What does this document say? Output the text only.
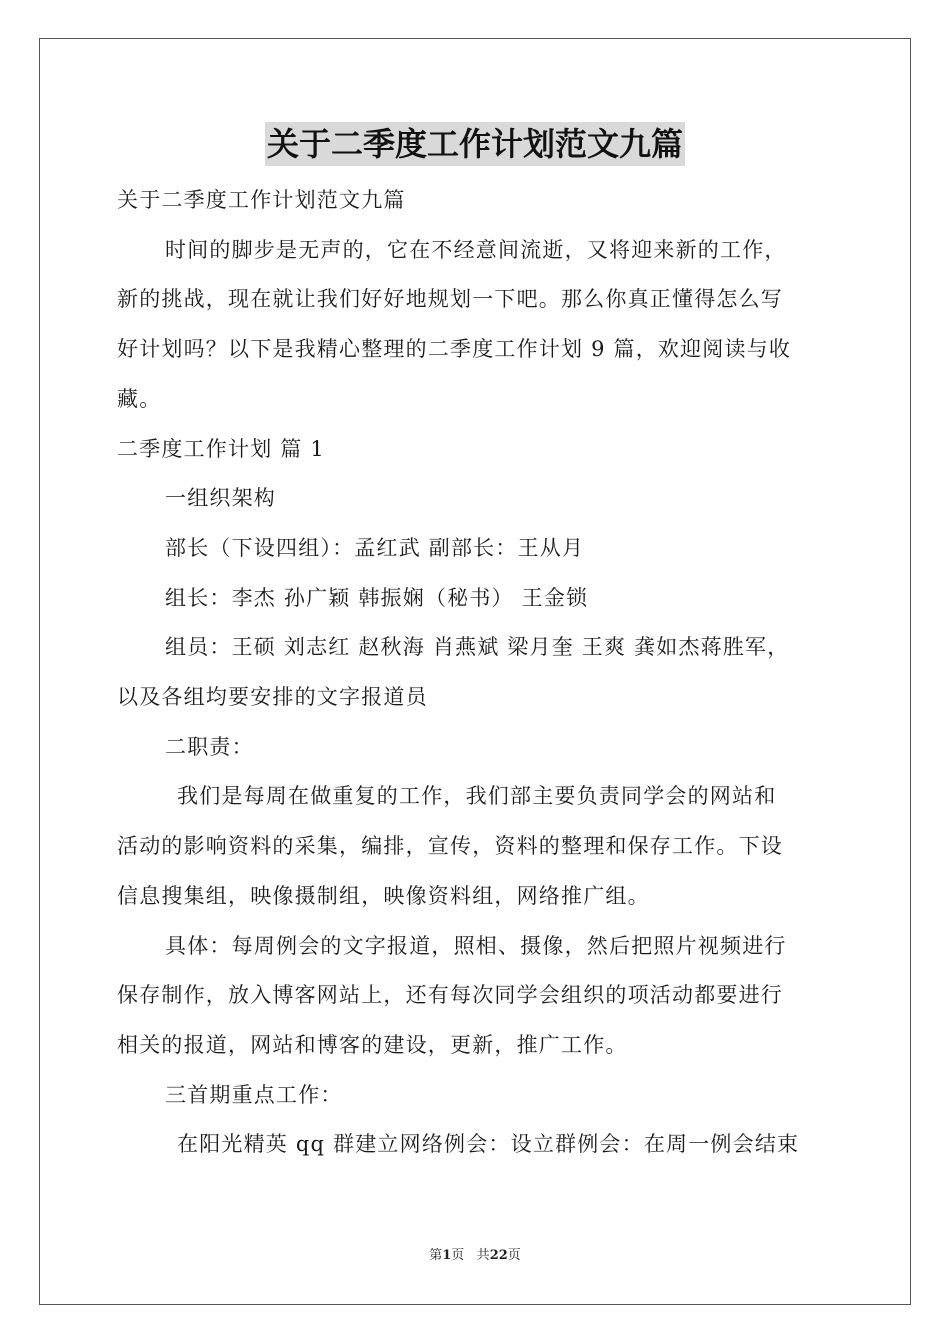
关于二季度工作计划范文九篇

关于二季度工作计划范文九篇

时间的脚步是无声的，它在不经意间流逝，又将迎来新的工作，

新的挑战，现在就让我们好好地规划一下吧。那么你真正懂得怎么写

好计划吗？以下是我精心整理的二季度工作计划 9 篇，欢迎阅读与收

藏。

二季度工作计划 篇 1

一组织架构

部长（下设四组）：孟红武 副部长：王从月

组长：李杰 孙广颖 韩振娴（秘书） 王金锁

组员：王硕 刘志红 赵秋海 肖燕斌 梁月奎 王爽 龚如杰蒋胜军，

以及各组均要安排的文字报道员

二职责：

我们是每周在做重复的工作，我们部主要负责同学会的网站和

活动的影响资料的采集，编排，宣传，资料的整理和保存工作。下设

信息搜集组，映像摄制组，映像资料组，网络推广组。

具体：每周例会的文字报道，照相、摄像，然后把照片视频进行

保存制作，放入博客网站上，还有每次同学会组织的项活动都要进行

相关的报道，网站和博客的建设，更新，推广工作。

三首期重点工作：

在阳光精英 qq 群建立网络例会：设立群例会：在周一例会结束

第1页 共22页
